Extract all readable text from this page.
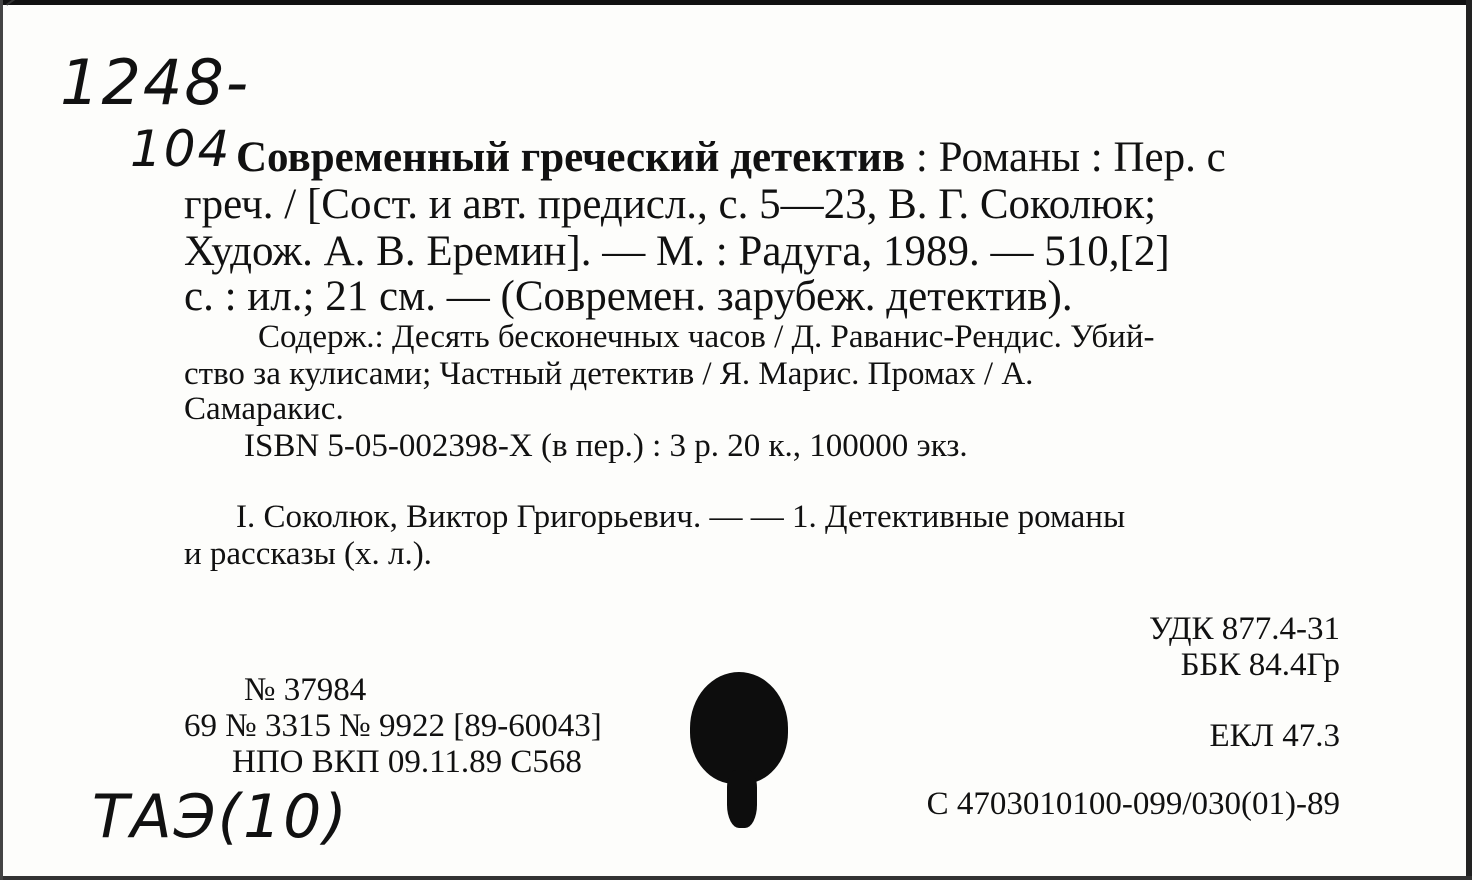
1248-
104 Современный греческий детектив : Романы : Пер. с
греч. / [Сост. и авт. предисл., с. 5—23, В. Г. Соколюк;
Худож. А. В. Еремин]. — М. : Радуга, 1989. — 510,[2]
с. : ил.; 21 см. — (Современ. зарубеж. детектив).
Содерж.: Десять бесконечных часов / Д. Раванис-Рендис. Убий-
ство за кулисами; Частный детектив / Я. Марис. Промах / А.
Самаракис.
ISBN 5-05-002398-X (в пер.) : 3 р. 20 к., 100000 экз.
I. Соколюк, Виктор Григорьевич. — — 1. Детективные романы
и рассказы (х. л.).
УДК 877.4-31
ББК 84.4Гр
ЕКЛ 47.3
С 4703010100-099/030(01)-89
№ 37984
69 № 3315 № 9922 [89-60043]
НПО ВКП 09.11.89 С568
ТАЭ(10)
